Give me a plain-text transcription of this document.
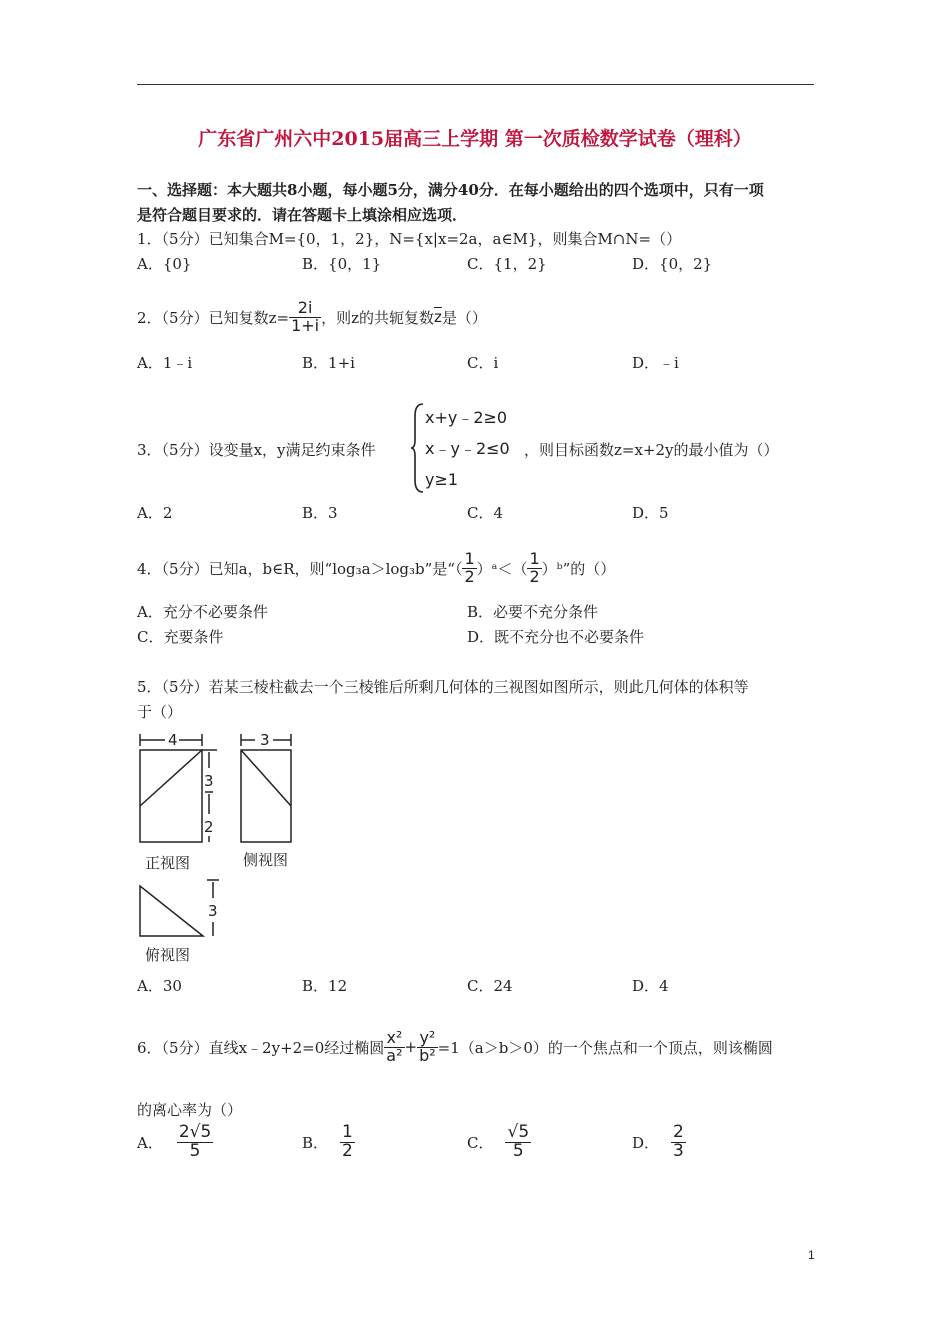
广东省广州六中2015届高三上学期 第一次质检数学试卷（理科）
一、选择题：本大题共8小题，每小题5分，满分40分．在每小题给出的四个选项中，只有一项
是符合题目要求的．请在答题卡上填涂相应选项．
1．（5分）已知集合M={0，1，2}，N={x|x=2a，a∈M}，则集合M∩N=（）
A．{0}	B．{0，1}	C．{1，2}	D．{0，2}
2．（5分）已知复数$z= \frac{2i}{1+i}$ ，则z的共轭复数 $\overline{z}$ 是（）
A．1﹣i	B．1+i	C．i	D．﹣i
3．（5分）设变量x，y满足约束条件
x+y﹣2≥0
x﹣y﹣2≤0
y≥1
，则目标函数z=x+2y的最小值为（）
A．2	B．3	C．4	D．5
4．（5分）已知a，b∈R，则“log₃a＞log₃b”是“（ $\frac{1}{2}$ ）ᵃ＜（ $\frac{1}{2}$ ）ᵇ”的（）
A．充分不必要条件	B．必要不充分条件
C．充要条件	D．既不充分也不必要条件
5．（5分）若某三棱柱截去一个三棱锥后所剩几何体的三视图如图所示，则此几何体的体积等
于（）
4	3
3
2
3
正视图	侧视图
俯视图
A．30	B．12	C．24	D．4
6．（5分）直线x﹣2y+2=0经过椭圆 $\frac{\text{x²}}{\text{a²}} + \frac{\text{y²}}{\text{b²}} =1(a>b>0)$的一个焦点和一个顶点，则该椭圆
的离心率为（）
A． $\frac{2√5}{5}$	B． $\frac{1}{2}$	C． $\frac{√5}{5}$	D． $\frac{2}{3}$
1
